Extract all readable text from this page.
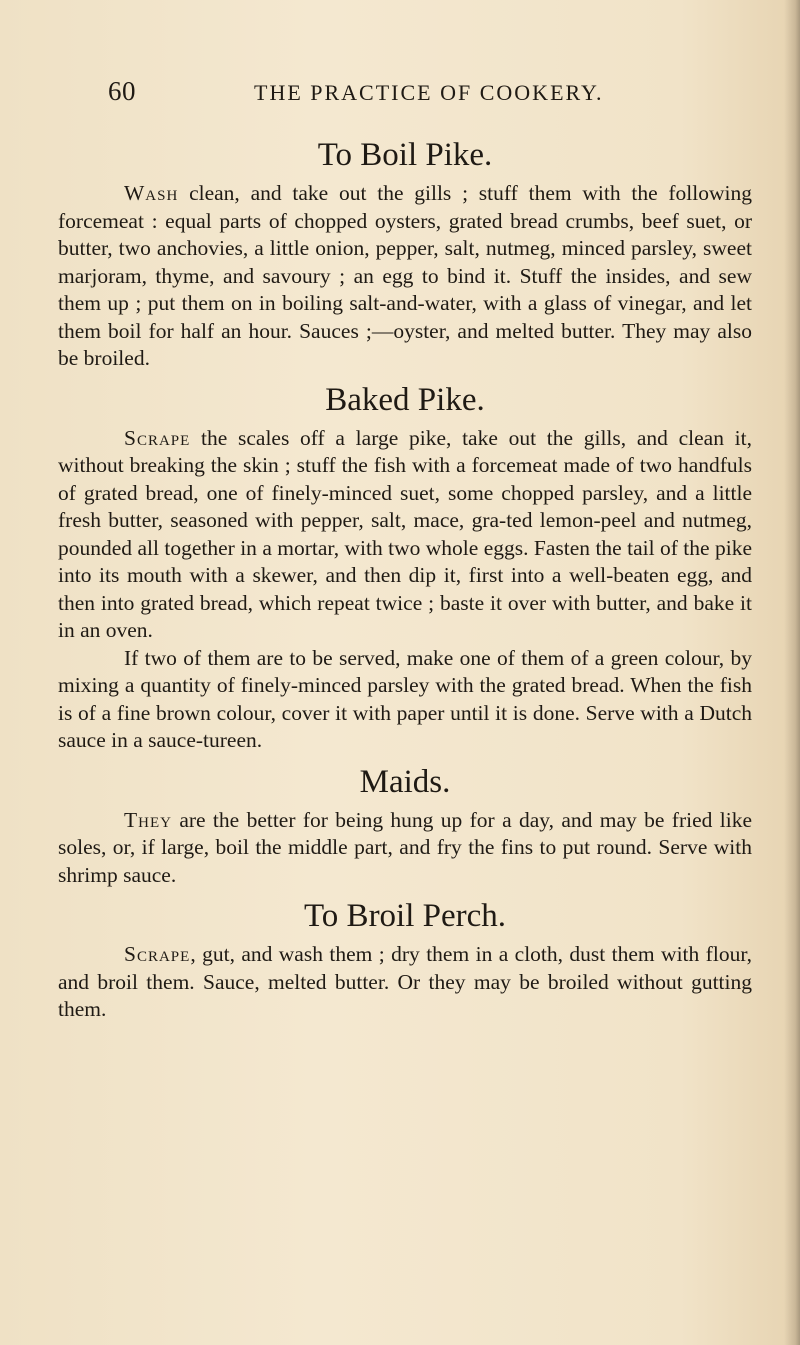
60	THE PRACTICE OF COOKERY.
To Boil Pike.

Wash clean, and take out the gills ; stuff them with the following forcemeat : equal parts of chopped oysters, grated bread crumbs, beef suet, or butter, two anchovies, a little onion, pepper, salt, nutmeg, minced parsley, sweet marjoram, thyme, and savoury ; an egg to bind it. Stuff the insides, and sew them up ; put them on in boiling salt-and-water, with a glass of vinegar, and let them boil for half an hour. Sauces ;—oyster, and melted butter. They may also be broiled.

Baked Pike.

Scrape the scales off a large pike, take out the gills, and clean it, without breaking the skin ; stuff the fish with a forcemeat made of two handfuls of grated bread, one of finely-minced suet, some chopped parsley, and a little fresh butter, seasoned with pepper, salt, mace, gra-ted lemon-peel and nutmeg, pounded all together in a mortar, with two whole eggs. Fasten the tail of the pike into its mouth with a skewer, and then dip it, first into a well-beaten egg, and then into grated bread, which repeat twice ; baste it over with butter, and bake it in an oven.

If two of them are to be served, make one of them of a green colour, by mixing a quantity of finely-minced parsley with the grated bread. When the fish is of a fine brown colour, cover it with paper until it is done. Serve with a Dutch sauce in a sauce-tureen.

Maids.

They are the better for being hung up for a day, and may be fried like soles, or, if large, boil the middle part, and fry the fins to put round. Serve with shrimp sauce.

To Broil Perch.

Scrape, gut, and wash them ; dry them in a cloth, dust them with flour, and broil them. Sauce, melted butter. Or they may be broiled without gutting them.
